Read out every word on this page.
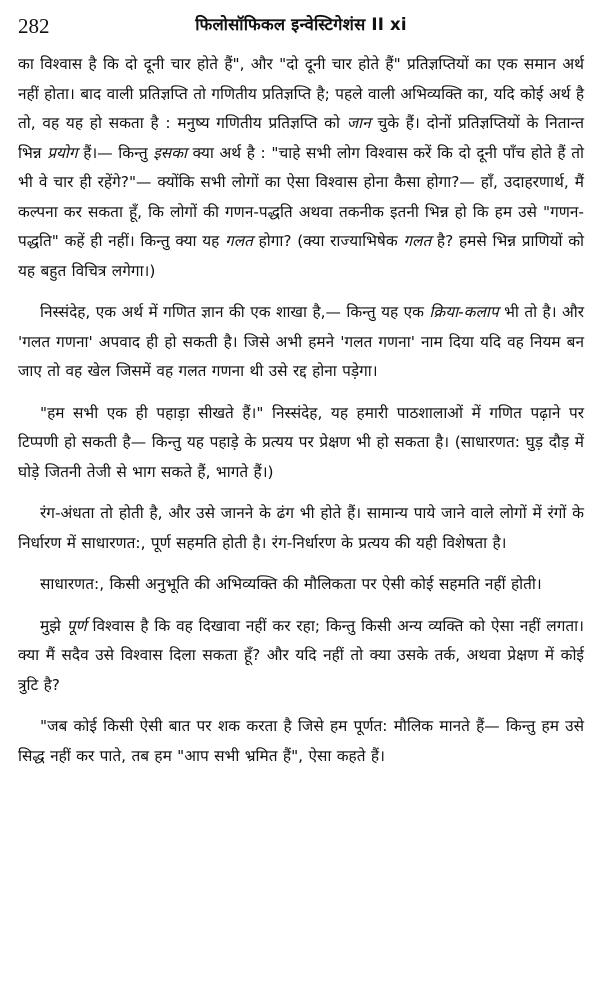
282	फिलोसॉफिकल इन्वेस्टिगेशंस II xi

का विश्वास है कि दो दूनी चार होते हैं", और "दो दूनी चार होते हैं" प्रतिज्ञप्तियों का एक समान अर्थ नहीं होता। बाद वाली प्रतिज्ञप्ति तो गणितीय प्रतिज्ञप्ति है; पहले वाली अभिव्यक्ति का, यदि कोई अर्थ है तो, वह यह हो सकता है : मनुष्य गणितीय प्रतिज्ञप्ति को जान चुके हैं। दोनों प्रतिज्ञप्तियों के नितान्त भिन्न प्रयोग हैं।— किन्तु इसका क्या अर्थ है : "चाहे सभी लोग विश्वास करें कि दो दूनी पाँच होते हैं तो भी वे चार ही रहेंगे?"— क्योंकि सभी लोगों का ऐसा विश्वास होना कैसा होगा?— हाँ, उदाहरणार्थ, मैं कल्पना कर सकता हूँ, कि लोगों की गणन-पद्धति अथवा तकनीक इतनी भिन्न हो कि हम उसे "गणन-पद्धति" कहें ही नहीं। किन्तु क्या यह गलत होगा? (क्या राज्याभिषेक गलत है? हमसे भिन्न प्राणियों को यह बहुत विचित्र लगेगा।)

निस्संदेह, एक अर्थ में गणित ज्ञान की एक शाखा है,— किन्तु यह एक क्रिया-कलाप भी तो है। और 'गलत गणना' अपवाद ही हो सकती है। जिसे अभी हमने 'गलत गणना' नाम दिया यदि वह नियम बन जाए तो वह खेल जिसमें वह गलत गणना थी उसे रद्द होना पड़ेगा।

"हम सभी एक ही पहाड़ा सीखते हैं।" निस्संदेह, यह हमारी पाठशालाओं में गणित पढ़ाने पर टिप्पणी हो सकती है— किन्तु यह पहाड़े के प्रत्यय पर प्रेक्षण भी हो सकता है। (साधारणत: घुड़ दौड़ में घोड़े जितनी तेजी से भाग सकते हैं, भागते हैं।)

रंग-अंधता तो होती है, और उसे जानने के ढंग भी होते हैं। सामान्य पाये जाने वाले लोगों में रंगों के निर्धारण में साधारणत:, पूर्ण सहमति होती है। रंग-निर्धारण के प्रत्यय की यही विशेषता है।

साधारणत:, किसी अनुभूति की अभिव्यक्ति की मौलिकता पर ऐसी कोई सहमति नहीं होती।

मुझे पूर्ण विश्वास है कि वह दिखावा नहीं कर रहा; किन्तु किसी अन्य व्यक्ति को ऐसा नहीं लगता। क्या मैं सदैव उसे विश्वास दिला सकता हूँ? और यदि नहीं तो क्या उसके तर्क, अथवा प्रेक्षण में कोई त्रुटि है?

"जब कोई किसी ऐसी बात पर शक करता है जिसे हम पूर्णत: मौलिक मानते हैं— किन्तु हम उसे सिद्ध नहीं कर पाते, तब हम "आप सभी भ्रमित हैं", ऐसा कहते हैं।
